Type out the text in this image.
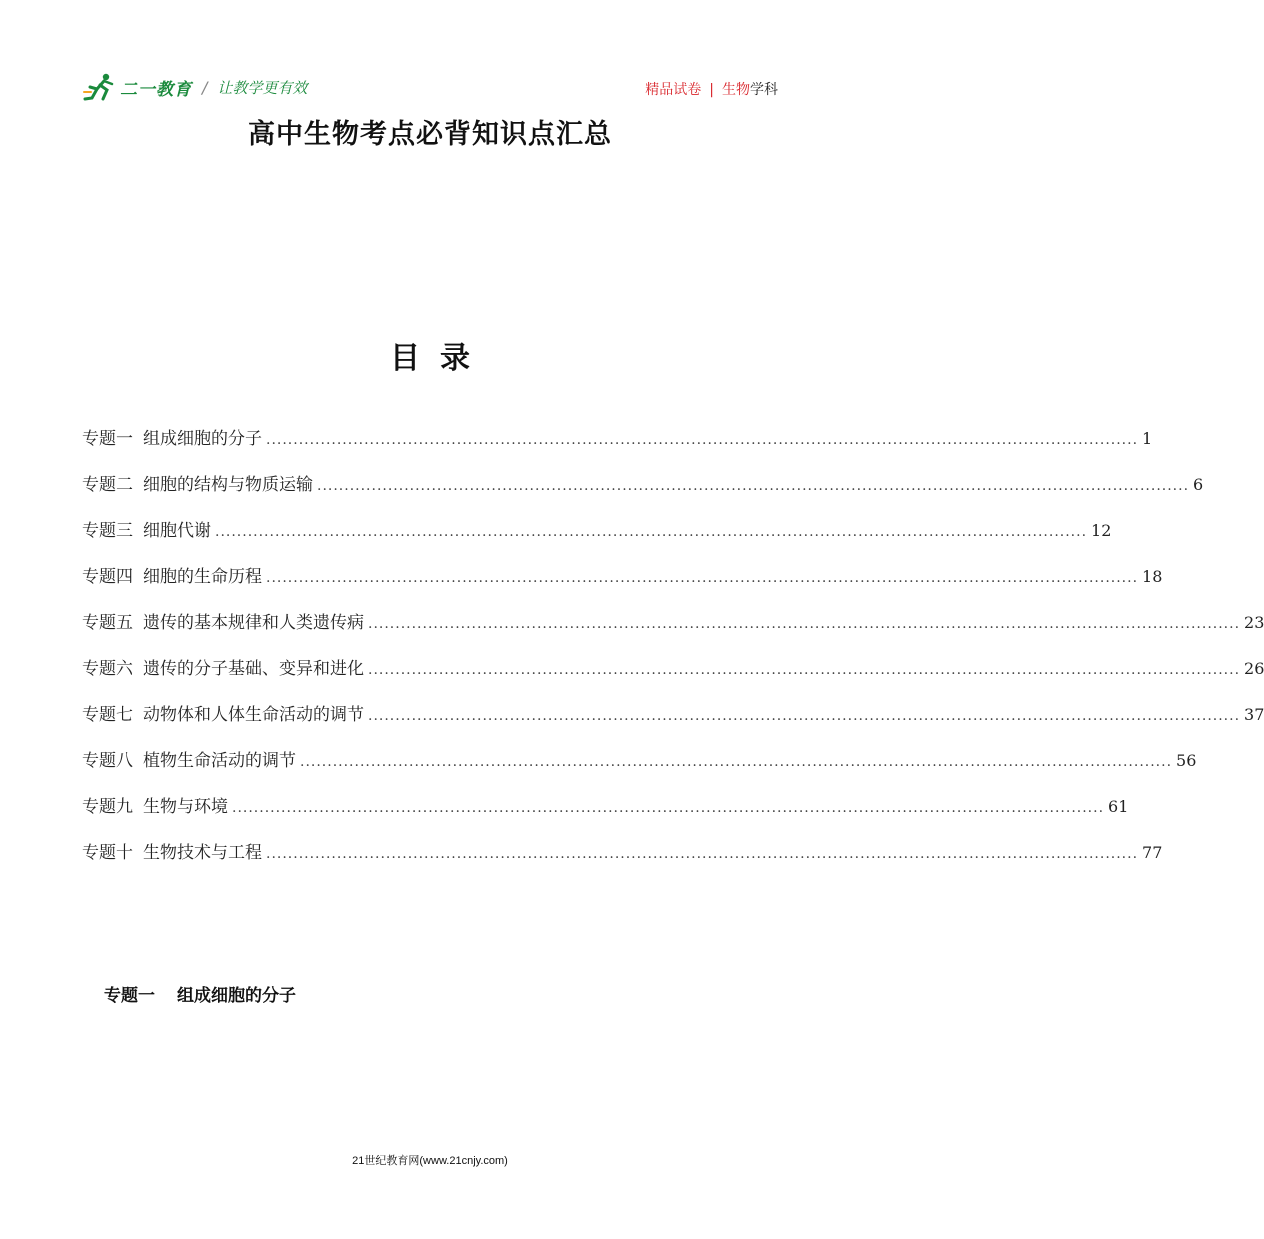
二一教育 / 让教学更有效	精品试卷 | 生物学科
高中生物考点必背知识点汇总
目录
专题一 组成细胞的分子 ................................................................................................................................................................ 1
专题二 细胞的结构与物质运输 ................................................................................................................................................................ 6
专题三 细胞代谢 ................................................................................................................................................................ 12
专题四 细胞的生命历程 ................................................................................................................................................................ 18
专题五 遗传的基本规律和人类遗传病 ................................................................................................................................................................ 23
专题六 遗传的分子基础、变异和进化 ................................................................................................................................................................ 26
专题七 动物体和人体生命活动的调节 ................................................................................................................................................................ 37
专题八 植物生命活动的调节 ................................................................................................................................................................ 56
专题九 生物与环境 ................................................................................................................................................................ 61
专题十 生物技术与工程 ................................................................................................................................................................ 77
专题一 组成细胞的分子
21世纪教育网(www.21cnjy.com)
